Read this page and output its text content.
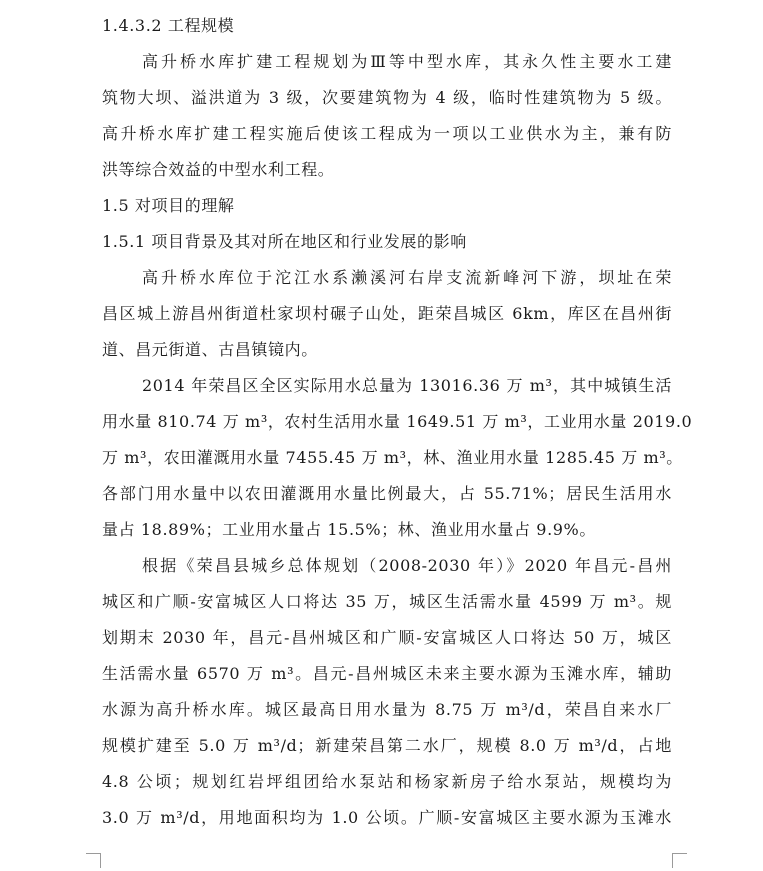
1.4.3.2 工程规模
高升桥水库扩建工程规划为Ⅲ等中型水库，其永久性主要水工建
筑物大坝、溢洪道为 3 级，次要建筑物为 4 级，临时性建筑物为 5 级。
高升桥水库扩建工程实施后使该工程成为一项以工业供水为主，兼有防
洪等综合效益的中型水利工程。
1.5 对项目的理解
1.5.1 项目背景及其对所在地区和行业发展的影响
高升桥水库位于沱江水系濑溪河右岸支流新峰河下游，坝址在荣
昌区城上游昌州街道杜家坝村碾子山处，距荣昌城区 6km，库区在昌州街
道、昌元街道、古昌镇镜内。
2014 年荣昌区全区实际用水总量为 13016.36 万 m³，其中城镇生活
用水量 810.74 万 m³，农村生活用水量 1649.51 万 m³，工业用水量 2019.0
万 m³，农田灌溉用水量 7455.45 万 m³，林、渔业用水量 1285.45 万 m³。
各部门用水量中以农田灌溉用水量比例最大，占 55.71%；居民生活用水
量占 18.89%；工业用水量占 15.5%；林、渔业用水量占 9.9%。
根据《荣昌县城乡总体规划（2008-2030 年）》2020 年昌元-昌州
城区和广顺-安富城区人口将达 35 万，城区生活需水量 4599 万 m³。规
划期末 2030 年，昌元-昌州城区和广顺-安富城区人口将达 50 万，城区
生活需水量 6570 万 m³。昌元-昌州城区未来主要水源为玉滩水库，辅助
水源为高升桥水库。城区最高日用水量为 8.75 万 m³/d，荣昌自来水厂
规模扩建至 5.0 万 m³/d；新建荣昌第二水厂，规模 8.0 万 m³/d，占地
4.8 公顷；规划红岩坪组团给水泵站和杨家新房子给水泵站，规模均为
3.0 万 m³/d，用地面积均为 1.0 公顷。广顺-安富城区主要水源为玉滩水
